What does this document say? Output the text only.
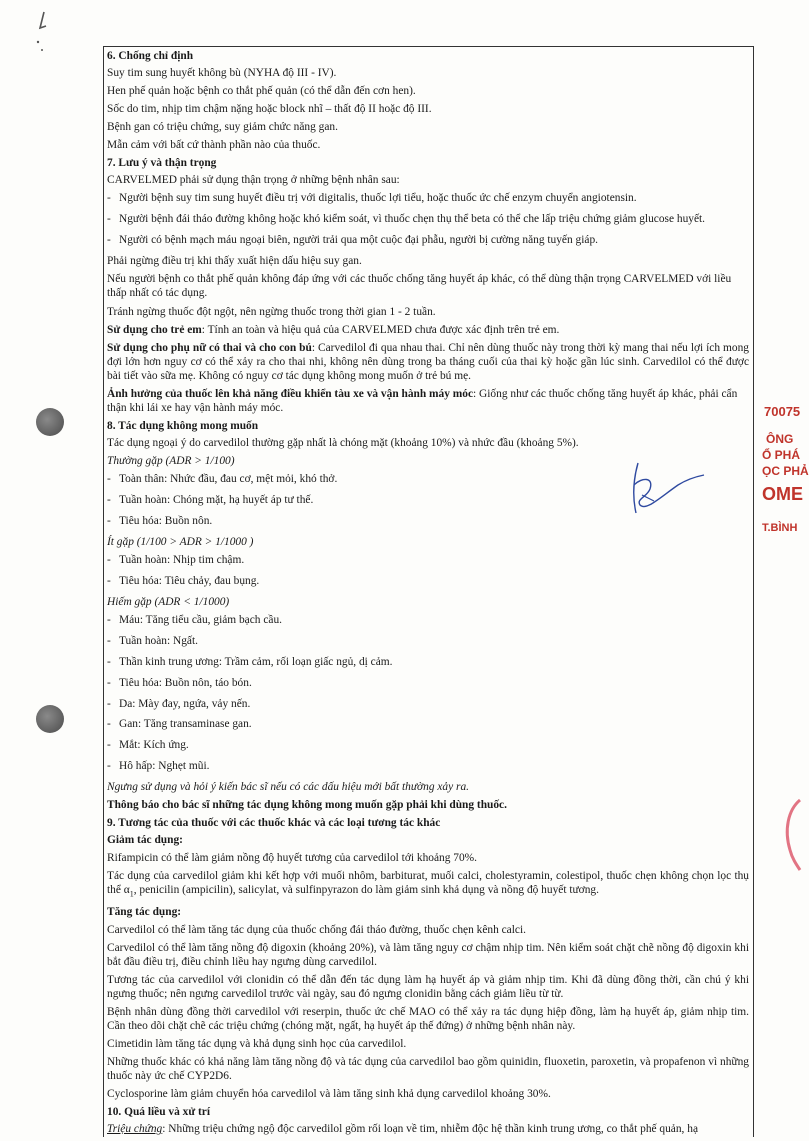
6. Chống chỉ định

Suy tim sung huyết không bù (NYHA độ III - IV).

Hen phế quản hoặc bệnh co thắt phế quản (có thể dẫn đến cơn hen).

Sốc do tim, nhịp tim chậm nặng hoặc block nhĩ – thất độ II hoặc độ III.

Bệnh gan có triệu chứng, suy giảm chức năng gan.

Mẫn cảm với bất cứ thành phần nào của thuốc.

7. Lưu ý và thận trọng

CARVELMED phải sử dụng thận trọng ở những bệnh nhân sau:

- Người bệnh suy tim sung huyết điều trị với digitalis, thuốc lợi tiểu, hoặc thuốc ức chế enzym chuyển angiotensin.

- Người bệnh đái tháo đường không hoặc khó kiểm soát, vì thuốc chẹn thụ thể beta có thể che lấp triệu chứng giảm glucose huyết.

- Người có bệnh mạch máu ngoại biên, người trải qua một cuộc đại phẫu, người bị cường năng tuyến giáp.

Phải ngừng điều trị khi thấy xuất hiện dấu hiệu suy gan.

Nếu người bệnh co thắt phế quản không đáp ứng với các thuốc chống tăng huyết áp khác, có thể dùng thận trọng CARVELMED với liều thấp nhất có tác dụng.

Tránh ngừng thuốc đột ngột, nên ngừng thuốc trong thời gian 1 - 2 tuần.

Sử dụng cho trẻ em: Tính an toàn và hiệu quả của CARVELMED chưa được xác định trên trẻ em.

Sử dụng cho phụ nữ có thai và cho con bú: Carvedilol đi qua nhau thai. Chỉ nên dùng thuốc này trong thời kỳ mang thai nếu lợi ích mong đợi lớn hơn nguy cơ có thể xảy ra cho thai nhi, không nên dùng trong ba tháng cuối của thai kỳ hoặc gần lúc sinh. Carvedilol có thể được bài tiết vào sữa mẹ. Không có nguy cơ tác dụng không mong muốn ở trẻ bú mẹ.

Ảnh hưởng của thuốc lên khả năng điều khiển tàu xe và vận hành máy móc: Giống như các thuốc chống tăng huyết áp khác, phải cẩn thận khi lái xe hay vận hành máy móc.

8. Tác dụng không mong muốn

Tác dụng ngoại ý do carvedilol thường gặp nhất là chóng mặt (khoảng 10%) và nhức đầu (khoảng 5%).

Thường gặp (ADR > 1/100)

- Toàn thân: Nhức đầu, đau cơ, mệt mỏi, khó thở.

- Tuần hoàn: Chóng mặt, hạ huyết áp tư thế.

- Tiêu hóa: Buồn nôn.

Ít gặp (1/100 > ADR > 1/1000 )

- Tuần hoàn: Nhịp tim chậm.

- Tiêu hóa: Tiêu chảy, đau bụng.

Hiếm gặp (ADR < 1/1000)

- Máu: Tăng tiểu cầu, giảm bạch cầu.

- Tuần hoàn: Ngất.

- Thần kinh trung ương: Trầm cảm, rối loạn giấc ngủ, dị cảm.

- Tiêu hóa: Buồn nôn, táo bón.

- Da: Mày đay, ngứa, vảy nến.

- Gan: Tăng transaminase gan.

- Mắt: Kích ứng.

- Hô hấp: Nghẹt mũi.

Ngưng sử dụng và hỏi ý kiến bác sĩ nếu có các dấu hiệu mới bất thường xảy ra.

Thông báo cho bác sĩ những tác dụng không mong muốn gặp phải khi dùng thuốc.

9. Tương tác của thuốc với các thuốc khác và các loại tương tác khác

Giảm tác dụng:

Rifampicin có thể làm giảm nồng độ huyết tương của carvedilol tới khoảng 70%.

Tác dụng của carvedilol giảm khi kết hợp với muối nhôm, barbiturat, muối calci, cholestyramin, colestipol, thuốc chẹn không chọn lọc thụ thể $\alpha_1$, penicilin (ampicilin), salicylat, và sulfinpyrazon do làm giảm sinh khả dụng và nồng độ huyết tương.

Tăng tác dụng:

Carvedilol có thể làm tăng tác dụng của thuốc chống đái tháo đường, thuốc chẹn kênh calci.

Carvedilol có thể làm tăng nồng độ digoxin (khoảng 20%), và làm tăng nguy cơ chậm nhịp tim. Nên kiểm soát chặt chẽ nồng độ digoxin khi bắt đầu điều trị, điều chỉnh liều hay ngưng dùng carvedilol.

Tương tác của carvedilol với clonidin có thể dẫn đến tác dụng làm hạ huyết áp và giảm nhịp tim. Khi đã dùng đồng thời, cần chú ý khi ngưng thuốc; nên ngưng carvedilol trước vài ngày, sau đó ngưng clonidin bằng cách giảm liều từ từ.

Bệnh nhân dùng đồng thời carvedilol với reserpin, thuốc ức chế MAO có thể xảy ra tác dụng hiệp đồng, làm hạ huyết áp, giảm nhịp tim. Cần theo dõi chặt chẽ các triệu chứng (chóng mặt, ngất, hạ huyết áp thế đứng) ở những bệnh nhân này.

Cimetidin làm tăng tác dụng và khả dụng sinh học của carvedilol.

Những thuốc khác có khả năng làm tăng nồng độ và tác dụng của carvedilol bao gồm quinidin, fluoxetin, paroxetin, và propafenon vì những thuốc này ức chế CYP2D6.

Cyclosporine làm giảm chuyển hóa carvedilol và làm tăng sinh khả dụng carvedilol khoảng 30%.

10. Quá liều và xử trí

Triệu chứng: Những triệu chứng ngộ độc carvedilol gồm rối loạn về tim, nhiễm độc hệ thần kinh trung ương, co thắt phế quản, hạ

70075
ÔNG
Ổ PHÁ
ỌC PHẢ
OME
T.BÌNH
